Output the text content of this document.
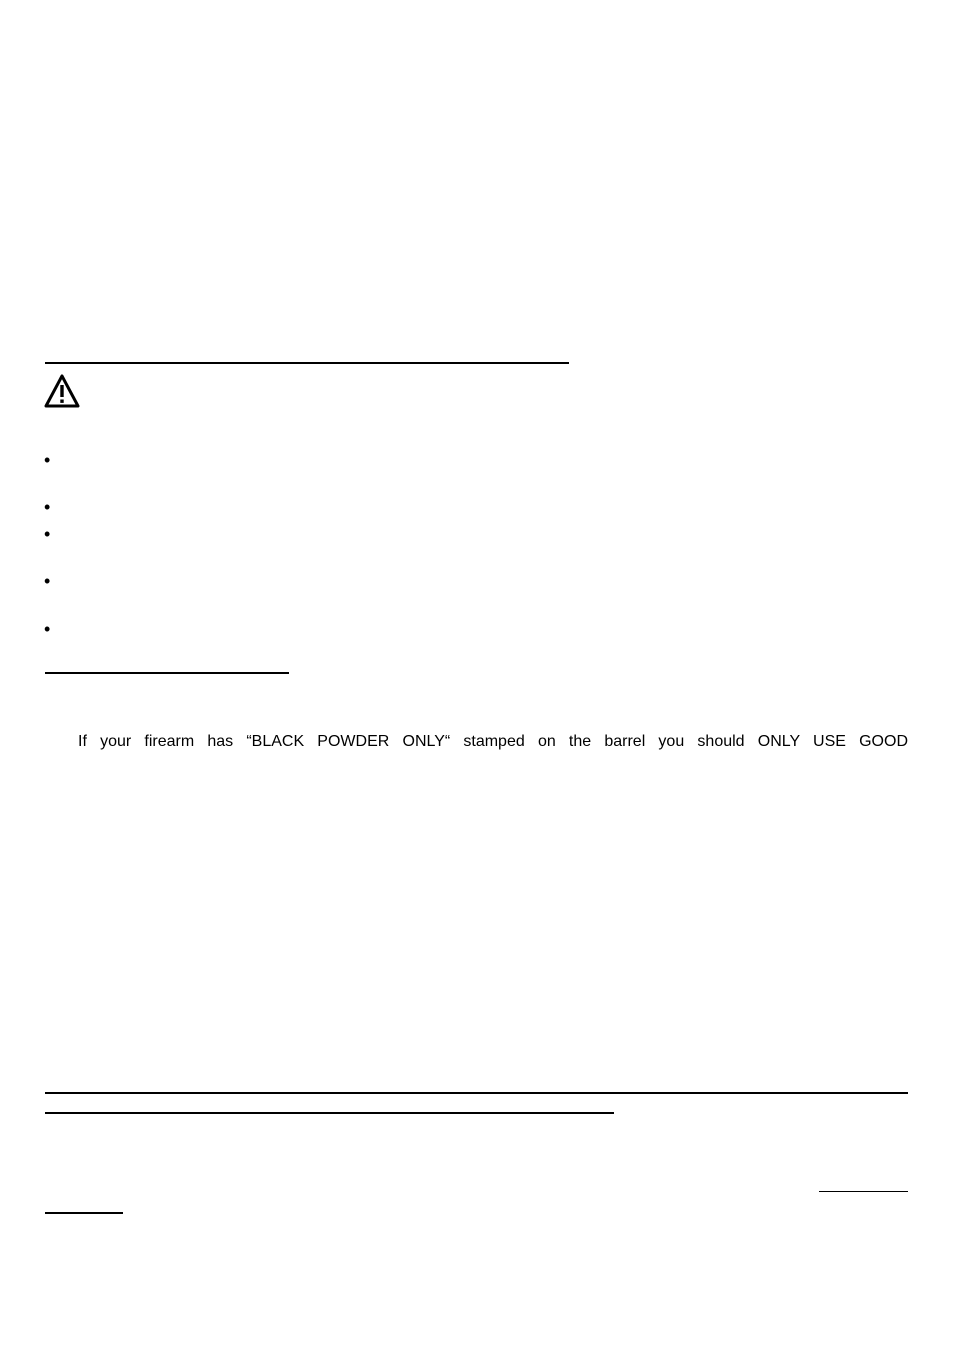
•
•
•
•
•
If your firearm has “BLACK POWDER ONLY“ stamped on the barrel you should ONLY USE GOOD
